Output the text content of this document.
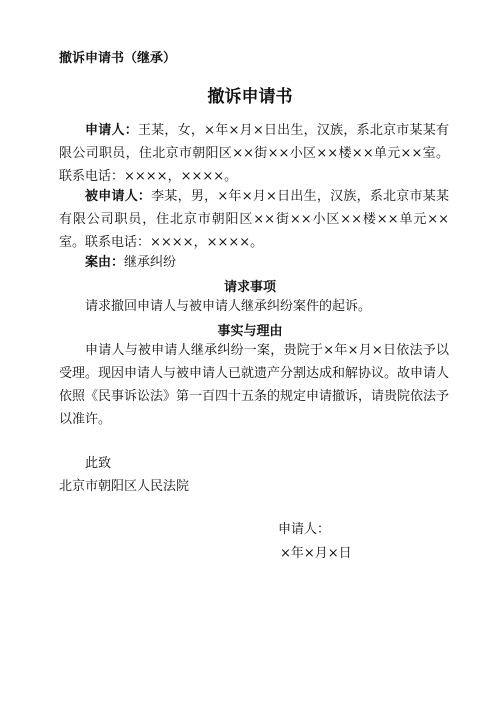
撤诉申请书（继承）
撤诉申请书
申请人：王某，女，×年×月×日出生，汉族，系北京市某某有限公司职员，住北京市朝阳区××街××小区××楼××单元××室。联系电话：××××，××××。
被申请人：李某，男，×年×月×日出生，汉族，系北京市某某有限公司职员，住北京市朝阳区××街××小区××楼××单元××室。联系电话：××××，××××。
案由：继承纠纷
请求事项
请求撤回申请人与被申请人继承纠纷案件的起诉。
事实与理由
申请人与被申请人继承纠纷一案，贵院于×年×月×日依法予以受理。现因申请人与被申请人已就遗产分割达成和解协议。故申请人依照《民事诉讼法》第一百四十五条的规定申请撤诉，请贵院依法予以准许。
此致
北京市朝阳区人民法院
申请人：
×年×月×日
